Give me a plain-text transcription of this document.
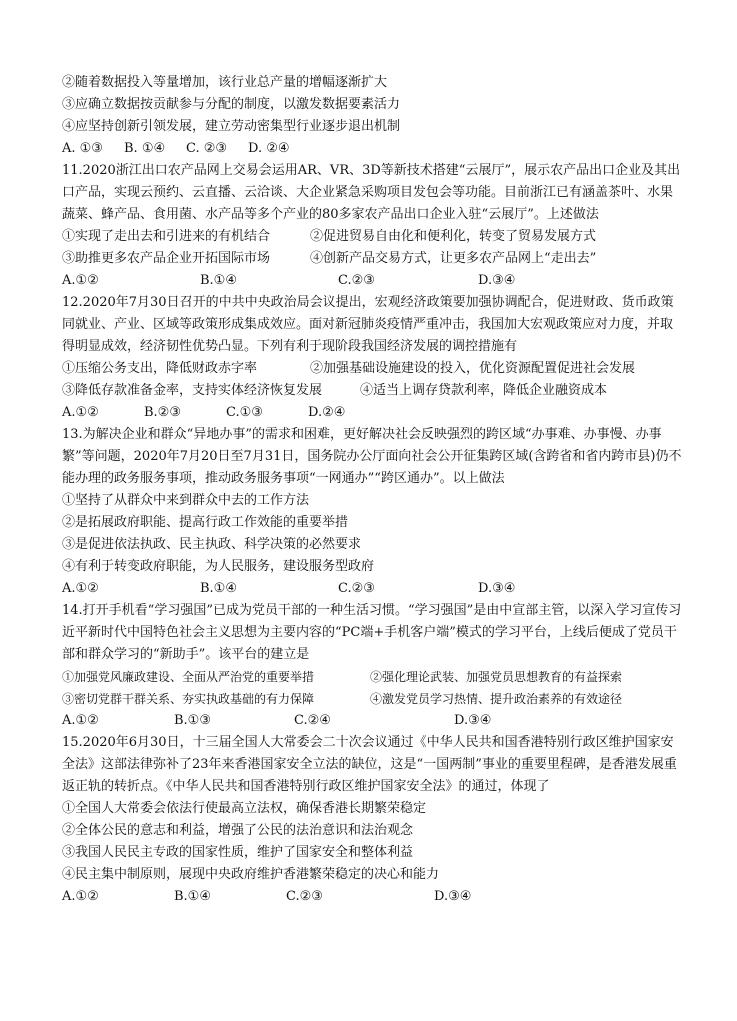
②随着数据投入等量增加，该行业总产量的增幅逐渐扩大
③应确立数据按贡献参与分配的制度，以激发数据要素活力
④应坚持创新引领发展，建立劳动密集型行业逐步退出机制
A. ①③ B. ①④ C. ②③ D. ②④
11.2020浙江出口农产品网上交易会运用AR、VR、3D等新技术搭建“云展厅”，展示农产品出口企业及其出口产品，实现云预约、云直播、云洽谈、大企业紧急采购项目发包会等功能。目前浙江已有涵盖茶叶、水果蔬菜、蜂产品、食用菌、水产品等多个产业的80多家农产品出口企业入驻“云展厅”。上述做法
①实现了走出去和引进来的有机结合	②促进贸易自由化和便利化，转变了贸易发展方式
③助推更多农产品企业开拓国际市场	④创新产品交易方式，让更多农产品网上“走出去”
A.①②	B.①④	C.②③	D.③④
12.2020年7月30日召开的中共中央政治局会议提出，宏观经济政策要加强协调配合，促进财政、货币政策同就业、产业、区域等政策形成集成效应。面对新冠肺炎疫情严重冲击，我国加大宏观政策应对力度，并取得明显成效，经济韧性优势凸显。下列有利于现阶段我国经济发展的调控措施有
①压缩公务支出，降低财政赤字率	②加强基础设施建设的投入，优化资源配置促进社会发展
③降低存款准备金率，支持实体经济恢复发展	④适当上调存贷款利率，降低企业融资成本
A.①②	B.②③	C.①③	D.②④
13.为解决企业和群众“异地办事”的需求和困难，更好解决社会反映强烈的跨区域“办事难、办事慢、办事繁”等问题，2020年7月20日至7月31日，国务院办公厅面向社会公开征集跨区域(含跨省和省内跨市县)仍不能办理的政务服务事项，推动政务服务事项“一网通办”“跨区通办”。以上做法
①坚持了从群众中来到群众中去的工作方法
②是拓展政府职能、提高行政工作效能的重要举措
③是促进依法执政、民主执政、科学决策的必然要求
④有利于转变政府职能，为人民服务，建设服务型政府
A.①②	B.①④	C.②③	D.③④
14.打开手机看“学习强国”已成为党员干部的一种生活习惯。“学习强国”是由中宣部主管，以深入学习宣传习近平新时代中国特色社会主义思想为主要内容的“PC端+手机客户端”模式的学习平台，上线后便成了党员干部和群众学习的“新助手”。该平台的建立是
①加强党风廉政建设、全面从严治党的重要举措	②强化理论武装、加强党员思想教育的有益探索
③密切党群干群关系、夯实执政基础的有力保障	④激发党员学习热情、提升政治素养的有效途径
A.①②	B.①③	C.②④	D.③④
15.2020年6月30日，十三届全国人大常委会二十次会议通过《中华人民共和国香港特别行政区维护国家安全法》这部法律弥补了23年来香港国家安全立法的缺位，这是“一国两制”事业的重要里程碑，是香港发展重返正轨的转折点。《中华人民共和国香港特别行政区维护国家安全法》的通过，体现了
①全国人大常委会依法行使最高立法权，确保香港长期繁荣稳定
②全体公民的意志和利益，增强了公民的法治意识和法治观念
③我国人民民主专政的国家性质，维护了国家安全和整体利益
④民主集中制原则，展现中央政府维护香港繁荣稳定的决心和能力
A.①②	B.①④	C.②③	D.③④
